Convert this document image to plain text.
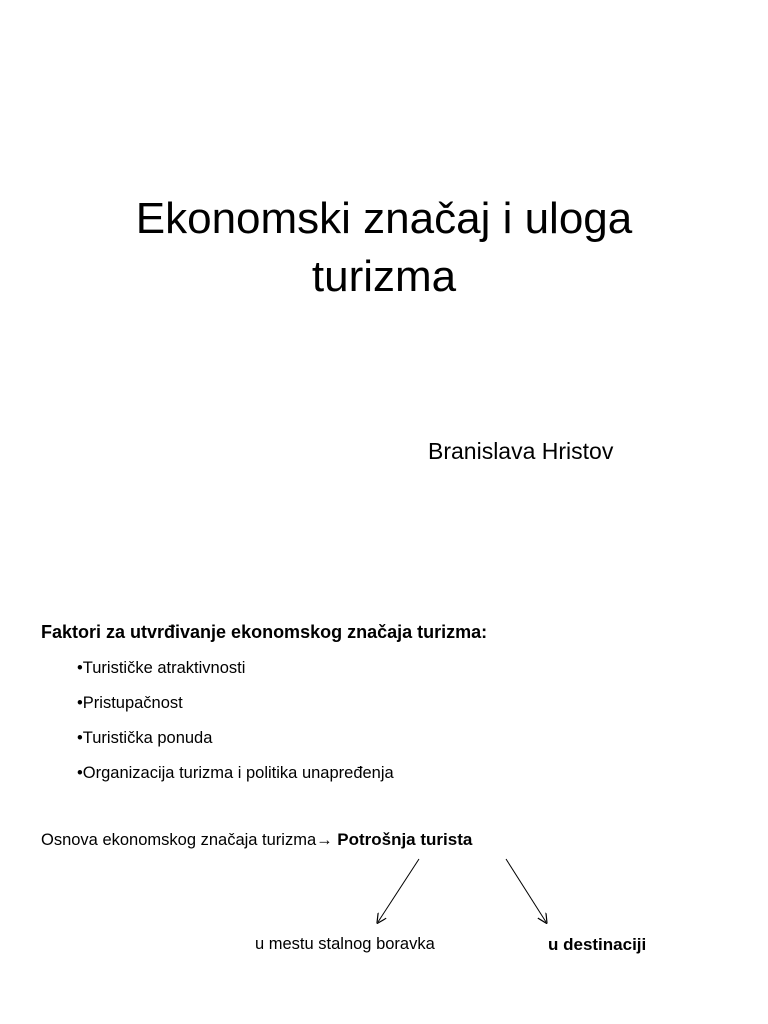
Ekonomski značaj i uloga
turizma

Branislava Hristov

Faktori za utvrđivanje ekonomskog značaja turizma:

•Turističke atraktivnosti
•Pristupačnost
•Turistička ponuda
•Organizacija turizma i politika unapređenja

Osnova ekonomskog značaja turizma→ Potrošnja turista

u mestu stalnog boravka	u destinaciji
